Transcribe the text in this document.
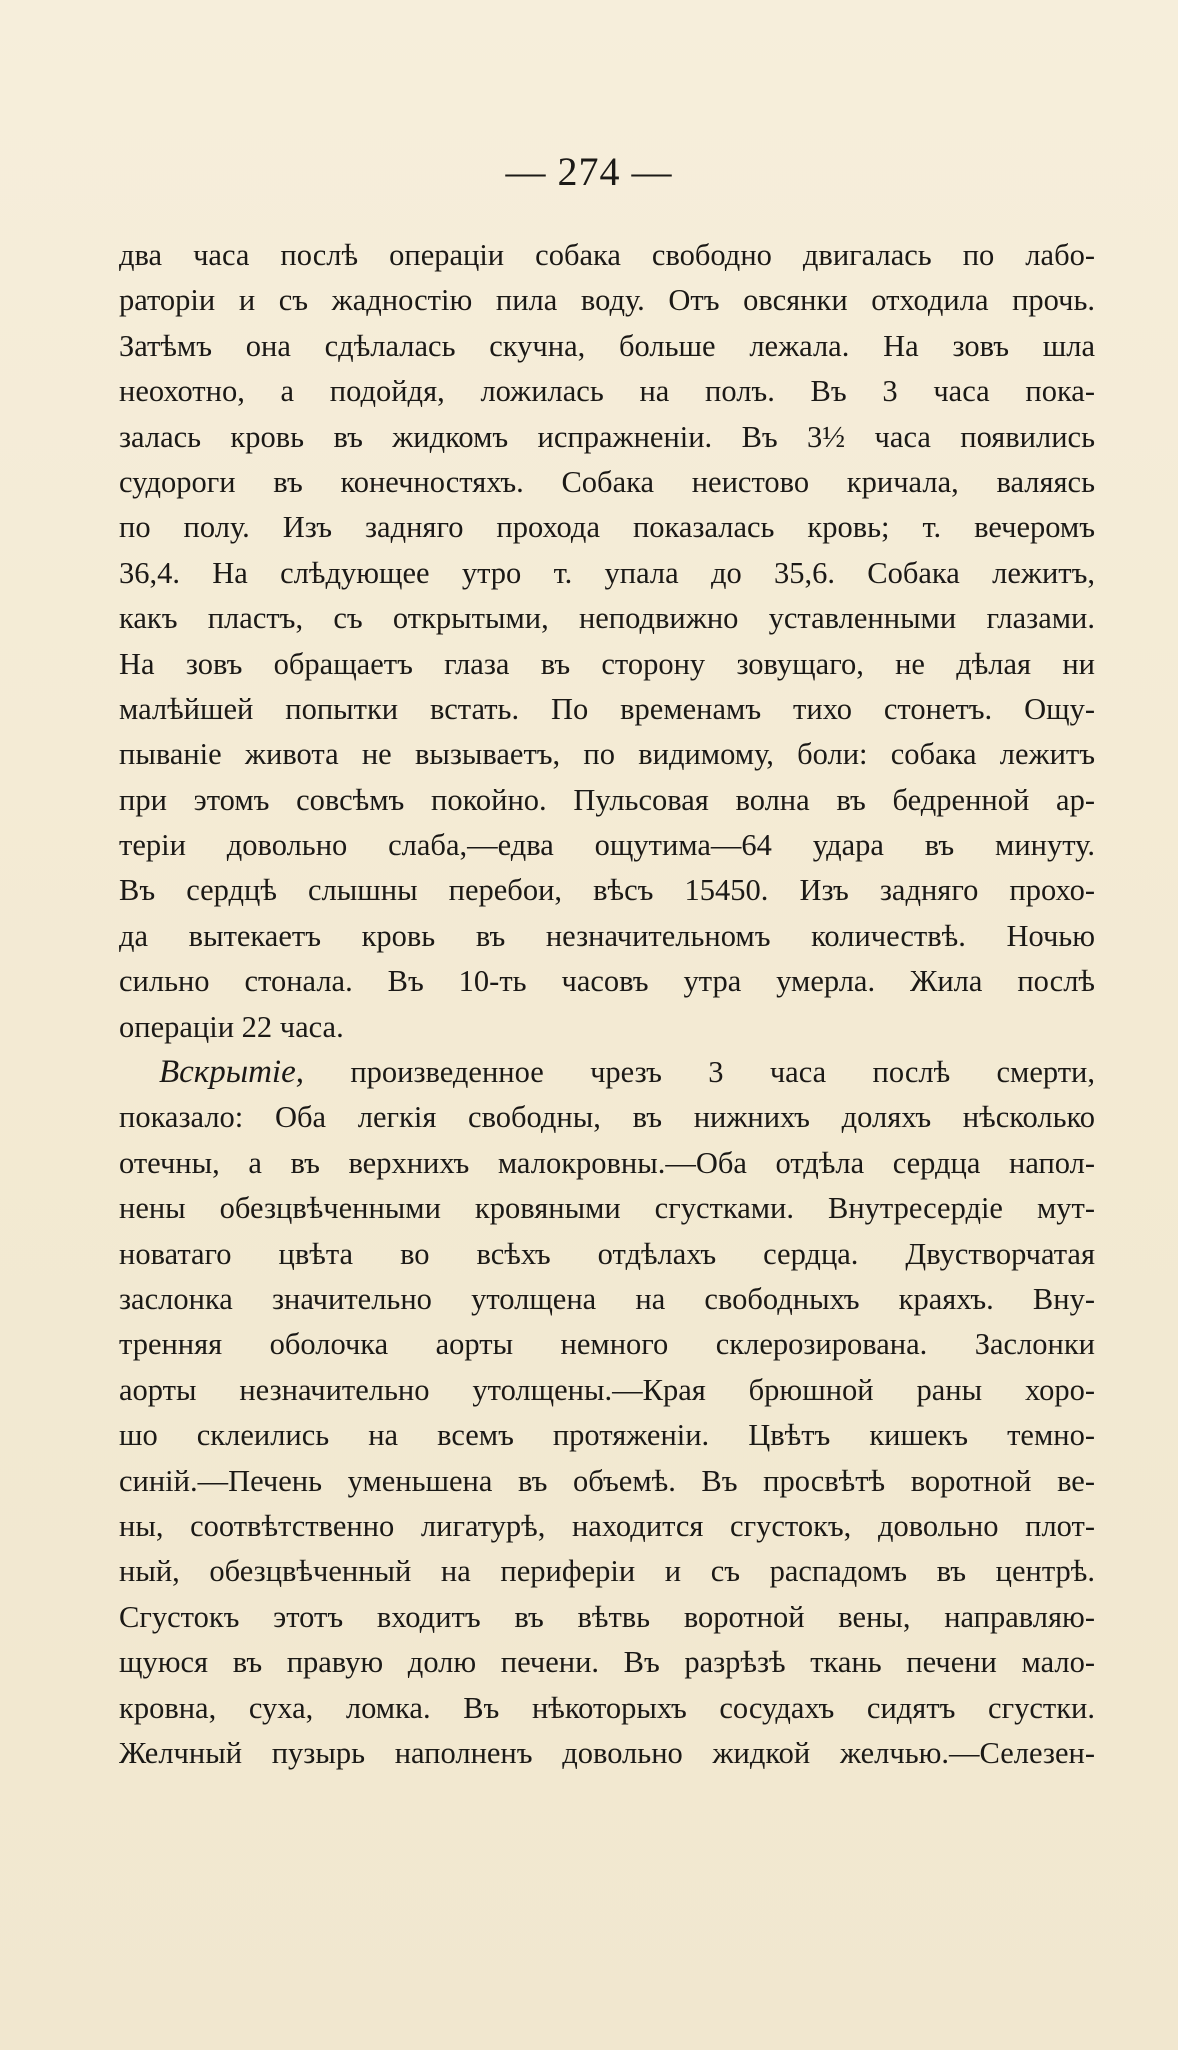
— 274 —
два часа послѣ операціи собака свободно двигалась по лабо-
раторіи и съ жадностію пила воду. Отъ овсянки отходила прочь.
Затѣмъ она сдѣлалась скучна, больше лежала. На зовъ шла
неохотно, а подойдя, ложилась на полъ. Въ 3 часа пока-
залась кровь въ жидкомъ испражненіи. Въ 3½ часа появились
судороги въ конечностяхъ. Собака неистово кричала, валяясь
по полу. Изъ задняго прохода показалась кровь; т. вечеромъ
36,4. На слѣдующее утро т. упала до 35,6. Собака лежитъ,
какъ пластъ, съ открытыми, неподвижно уставленными глазами.
На зовъ обращаетъ глаза въ сторону зовущаго, не дѣлая ни
малѣйшей попытки встать. По временамъ тихо стонетъ. Ощу-
пываніе живота не вызываетъ, по видимому, боли: собака лежитъ
при этомъ совсѣмъ покойно. Пульсовая волна въ бедренной ар-
теріи довольно слаба,—едва ощутима—64 удара въ минуту.
Въ сердцѣ слышны перебои, вѣсъ 15450. Изъ задняго прохо-
да вытекаетъ кровь въ незначительномъ количествѣ. Ночью
сильно стонала. Въ 10-ть часовъ утра умерла. Жила послѣ
операціи 22 часа.
Вскрытіе, произведенное чрезъ 3 часа послѣ смерти,
показало: Оба легкія свободны, въ нижнихъ доляхъ нѣсколько
отечны, а въ верхнихъ малокровны.—Оба отдѣла сердца напол-
нены обезцвѣченными кровяными сгустками. Внутресердіе мут-
новатаго цвѣта во всѣхъ отдѣлахъ сердца. Двустворчатая
заслонка значительно утолщена на свободныхъ краяхъ. Вну-
тренняя оболочка аорты немного склерозирована. Заслонки
аорты незначительно утолщены.—Края брюшной раны хоро-
шо склеились на всемъ протяженіи. Цвѣтъ кишекъ темно-
синій.—Печень уменьшена въ объемѣ. Въ просвѣтѣ воротной ве-
ны, соотвѣтственно лигатурѣ, находится сгустокъ, довольно плот-
ный, обезцвѣченный на периферіи и съ распадомъ въ центрѣ.
Сгустокъ этотъ входитъ въ вѣтвь воротной вены, направляю-
щуюся въ правую долю печени. Въ разрѣзѣ ткань печени мало-
кровна, суха, ломка. Въ нѣкоторыхъ сосудахъ сидятъ сгустки.
Желчный пузырь наполненъ довольно жидкой желчью.—Селезен-
